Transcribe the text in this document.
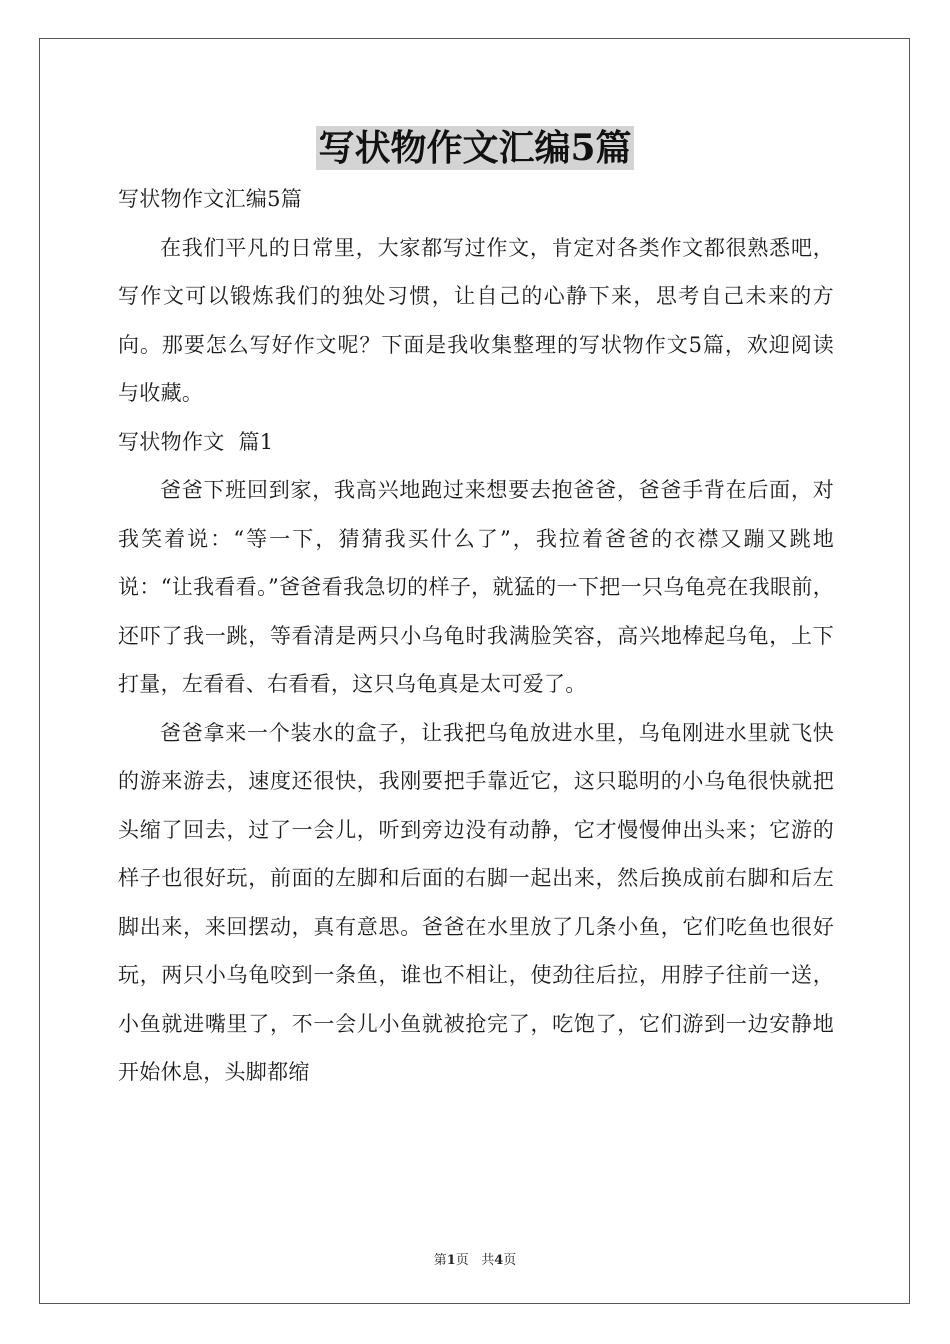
写状物作文汇编5篇

写状物作文汇编5篇

在我们平凡的日常里，大家都写过作文，肯定对各类作文都很熟悉吧，写作文可以锻炼我们的独处习惯，让自己的心静下来，思考自己未来的方向。那要怎么写好作文呢？下面是我收集整理的写状物作文5篇，欢迎阅读与收藏。

写状物作文  篇1

爸爸下班回到家，我高兴地跑过来想要去抱爸爸，爸爸手背在后面，对我笑着说：“等一下，猜猜我买什么了”，我拉着爸爸的衣襟又蹦又跳地说：“让我看看。”爸爸看我急切的样子，就猛的一下把一只乌龟亮在我眼前，还吓了我一跳，等看清是两只小乌龟时我满脸笑容，高兴地棒起乌龟，上下打量，左看看、右看看，这只乌龟真是太可爱了。

爸爸拿来一个装水的盒子，让我把乌龟放进水里，乌龟刚进水里就飞快的游来游去，速度还很快，我刚要把手靠近它，这只聪明的小乌龟很快就把头缩了回去，过了一会儿，听到旁边没有动静，它才慢慢伸出头来；它游的样子也很好玩，前面的左脚和后面的右脚一起出来，然后换成前右脚和后左脚出来，来回摆动，真有意思。爸爸在水里放了几条小鱼，它们吃鱼也很好玩，两只小乌龟咬到一条鱼，谁也不相让，使劲往后拉，用脖子往前一送，小鱼就进嘴里了，不一会儿小鱼就被抢完了，吃饱了，它们游到一边安静地开始休息，头脚都缩

第1页 共4页
